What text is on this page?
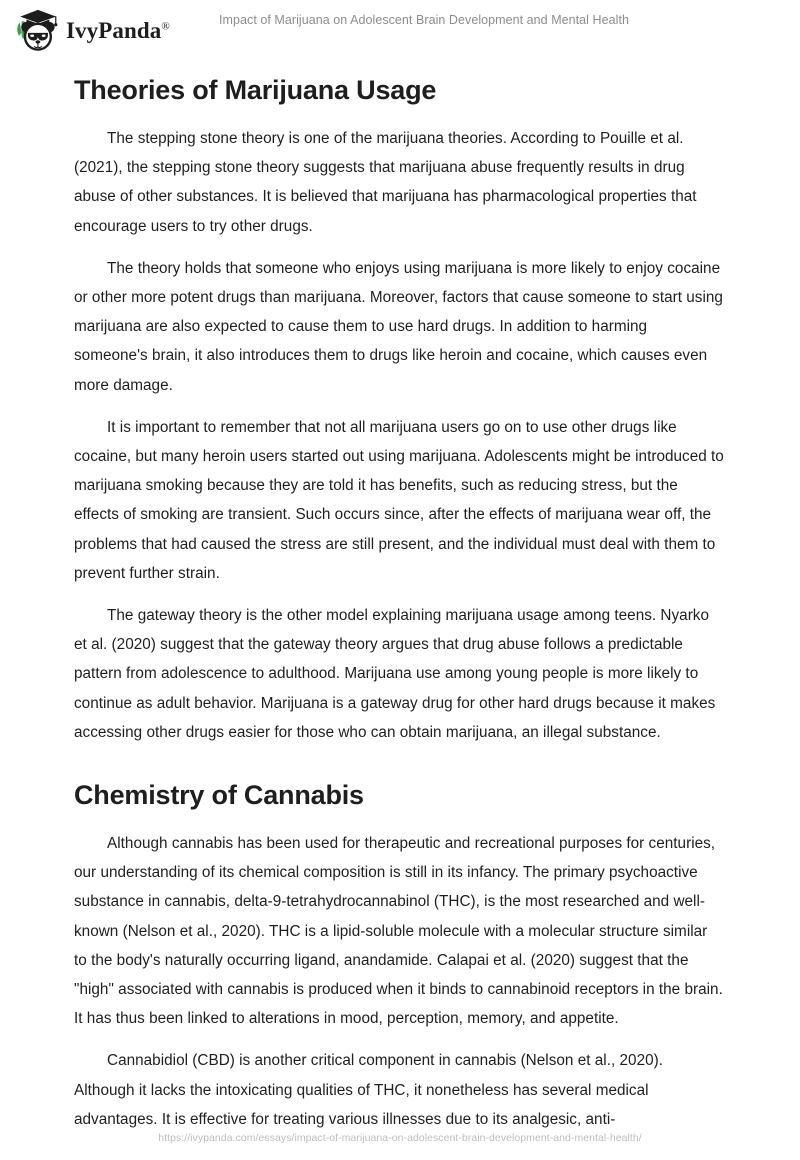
IvyPanda®	Impact of Marijuana on Adolescent Brain Development and Mental Health
Theories of Marijuana Usage

The stepping stone theory is one of the marijuana theories. According to Pouille et al. (2021), the stepping stone theory suggests that marijuana abuse frequently results in drug abuse of other substances. It is believed that marijuana has pharmacological properties that encourage users to try other drugs.

The theory holds that someone who enjoys using marijuana is more likely to enjoy cocaine or other more potent drugs than marijuana. Moreover, factors that cause someone to start using marijuana are also expected to cause them to use hard drugs. In addition to harming someone's brain, it also introduces them to drugs like heroin and cocaine, which causes even more damage.

It is important to remember that not all marijuana users go on to use other drugs like cocaine, but many heroin users started out using marijuana. Adolescents might be introduced to marijuana smoking because they are told it has benefits, such as reducing stress, but the effects of smoking are transient. Such occurs since, after the effects of marijuana wear off, the problems that had caused the stress are still present, and the individual must deal with them to prevent further strain.

The gateway theory is the other model explaining marijuana usage among teens. Nyarko et al. (2020) suggest that the gateway theory argues that drug abuse follows a predictable pattern from adolescence to adulthood. Marijuana use among young people is more likely to continue as adult behavior. Marijuana is a gateway drug for other hard drugs because it makes accessing other drugs easier for those who can obtain marijuana, an illegal substance.

Chemistry of Cannabis

Although cannabis has been used for therapeutic and recreational purposes for centuries, our understanding of its chemical composition is still in its infancy. The primary psychoactive substance in cannabis, delta-9-tetrahydrocannabinol (THC), is the most researched and well-known (Nelson et al., 2020). THC is a lipid-soluble molecule with a molecular structure similar to the body's naturally occurring ligand, anandamide. Calapai et al. (2020) suggest that the "high" associated with cannabis is produced when it binds to cannabinoid receptors in the brain. It has thus been linked to alterations in mood, perception, memory, and appetite.

Cannabidiol (CBD) is another critical component in cannabis (Nelson et al., 2020). Although it lacks the intoxicating qualities of THC, it nonetheless has several medical advantages. It is effective for treating various illnesses due to its analgesic, anti-

https://ivypanda.com/essays/impact-of-marijuana-on-adolescent-brain-development-and-mental-health/
